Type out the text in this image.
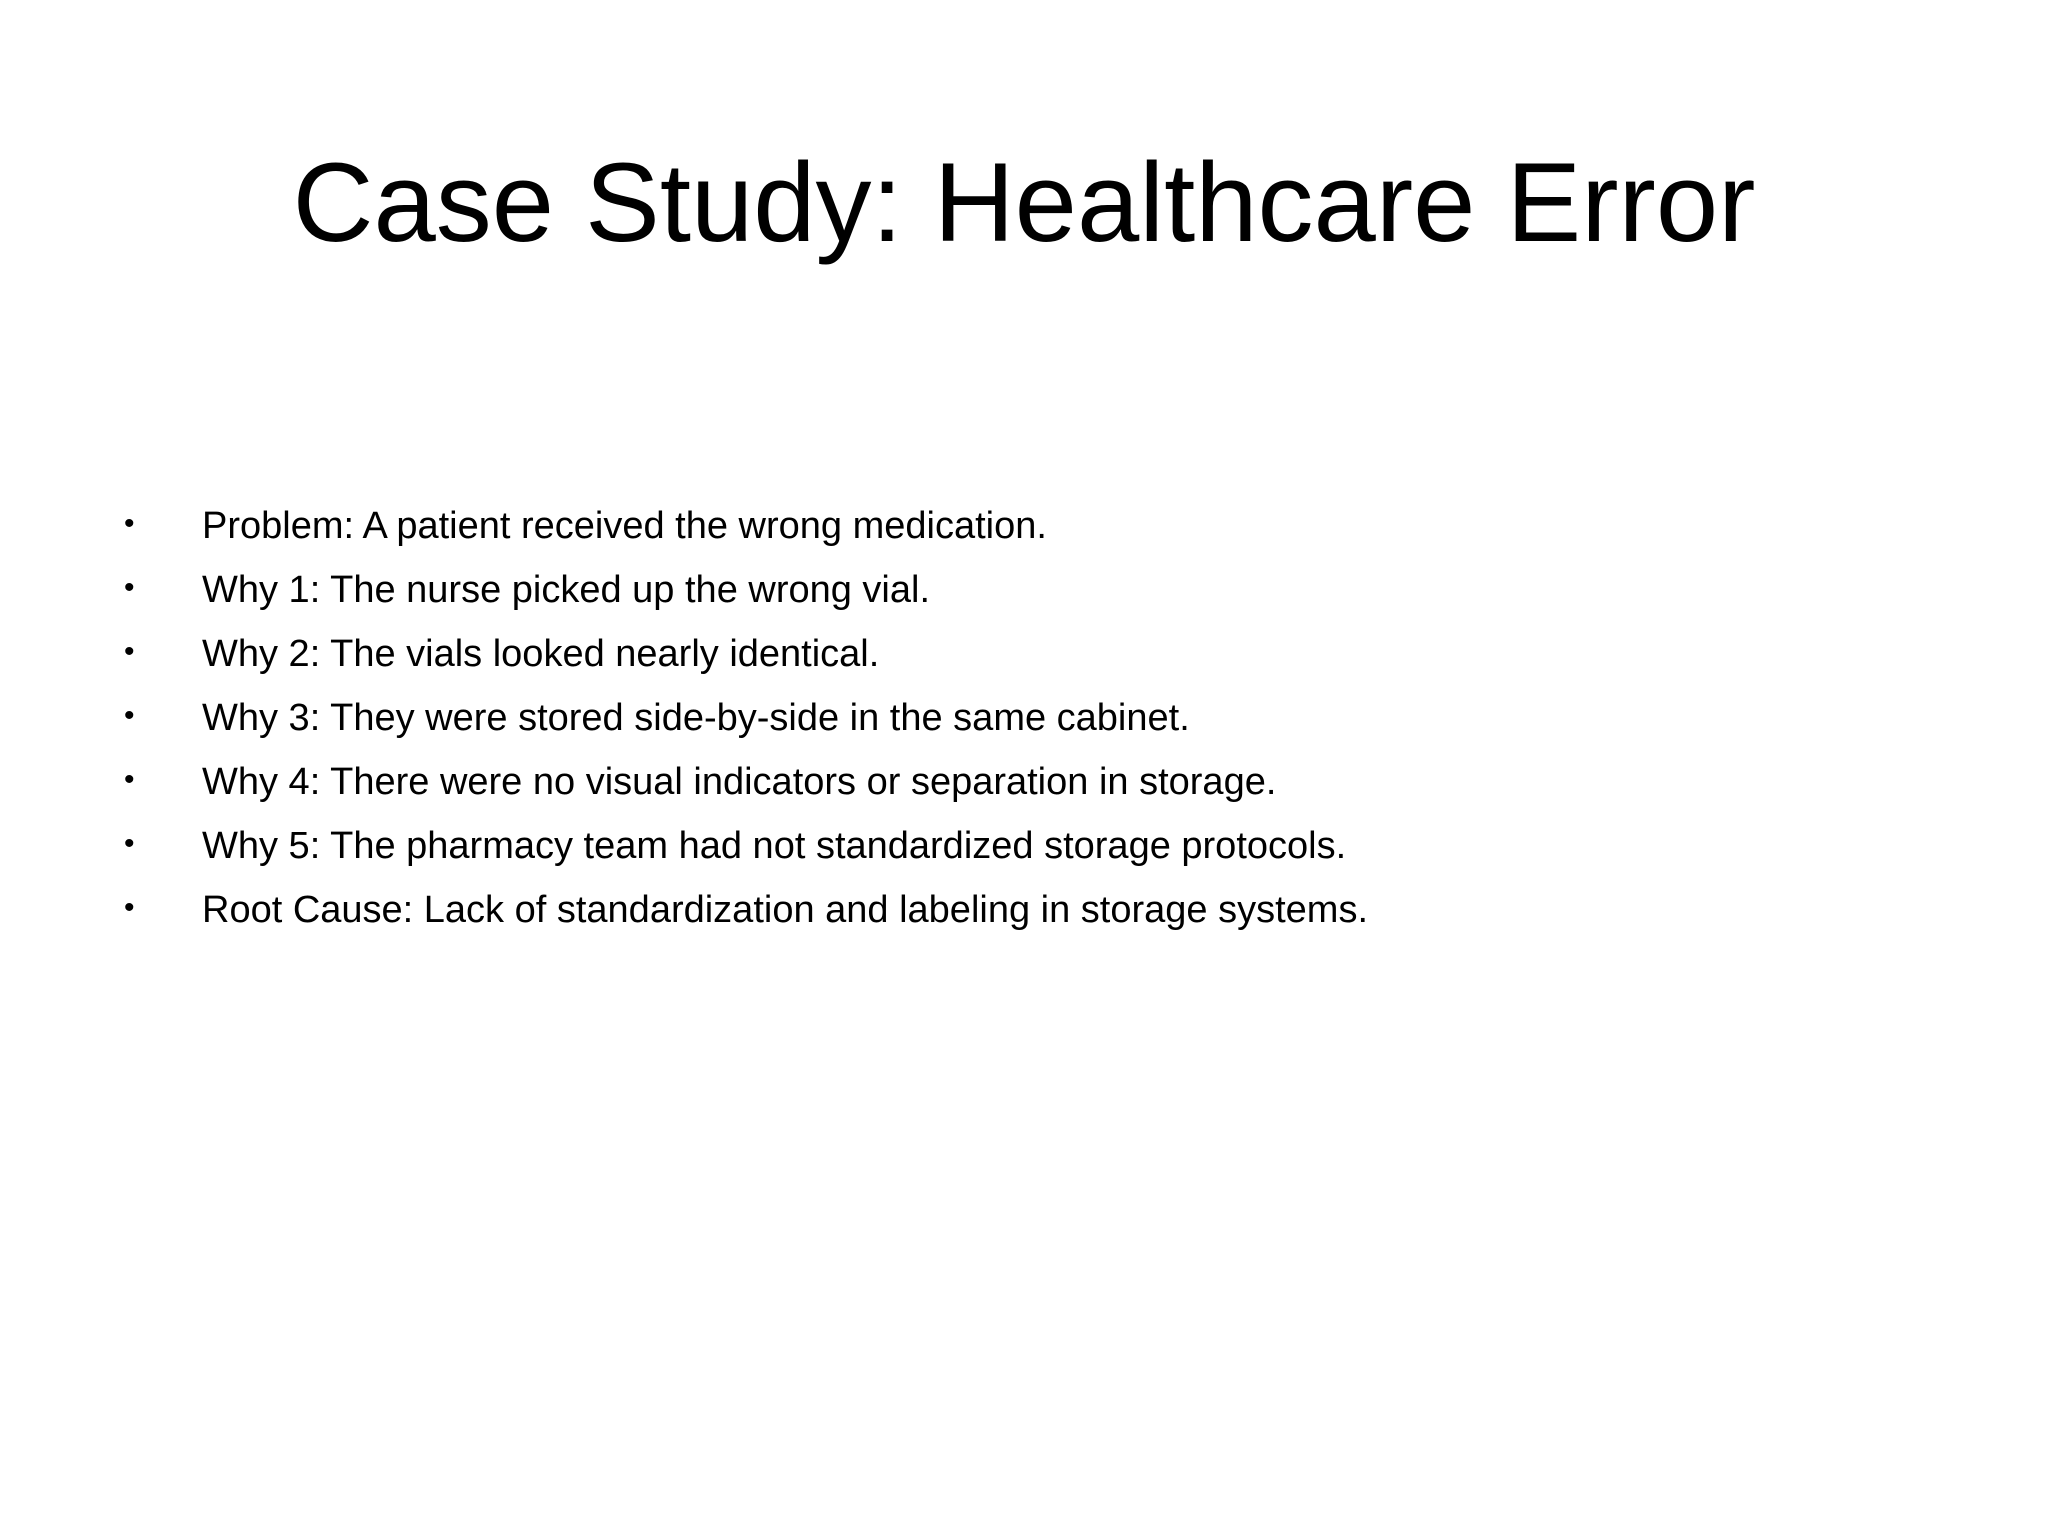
Case Study: Healthcare Error
•	Problem: A patient received the wrong medication.
•	Why 1: The nurse picked up the wrong vial.
•	Why 2: The vials looked nearly identical.
•	Why 3: They were stored side-by-side in the same cabinet.
•	Why 4: There were no visual indicators or separation in storage.
•	Why 5: The pharmacy team had not standardized storage protocols.
•	Root Cause: Lack of standardization and labeling in storage systems.
